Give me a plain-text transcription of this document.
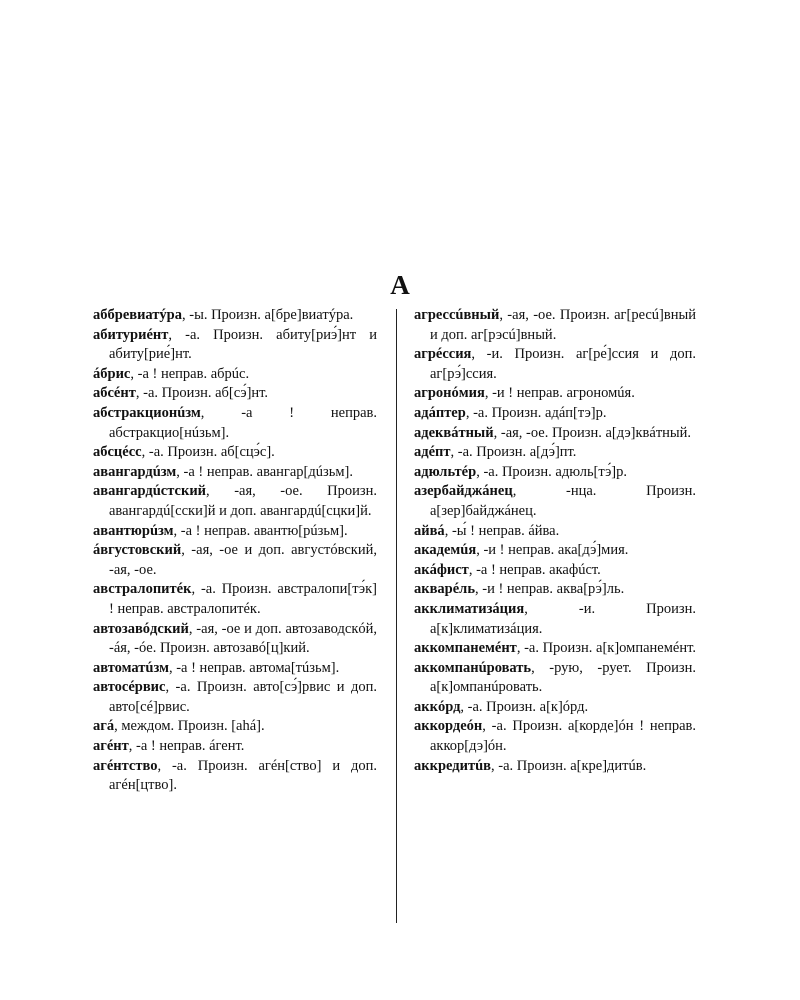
А
аббревиатýра, -ы. Произн. а[бре]виатýра.
абитуриéнт, -а. Произн. абиту[риэ́]нт и абиту[рие́]нт.
áбрис, -а ! неправ. абрúс.
абсéнт, -а. Произн. аб[сэ́]нт.
абстракционúзм, -а ! неправ. абстракцио[нúзьм].
абсцéсс, -а. Произн. аб[сцэ́с].
авангардúзм, -а ! неправ. авангар[дúзьм].
авангардúстский, -ая, -ое. Произн. авангардú[сски]й и доп. авангардú[сцки]й.
авантюрúзм, -а ! неправ. авантю[рúзьм].
áвгустовский, -ая, -ое и доп. августóвский, -ая, -ое.
австралопитéк, -а. Произн. австралопи[тэ́к] ! неправ. австралопитéк.
автозавóдский, -ая, -ое и доп. автозаводскóй, -áя, -óе. Произн. автозавó[ц]кий.
автоматúзм, -а ! неправ. автома[тúзьм].
автосéрвис, -а. Произн. авто[сэ́]рвис и доп. авто[сé]рвис.
агá, междом. Произн. [ahá].
агéнт, -а ! неправ. áгент.
агéнтство, -а. Произн. агéн[ство] и доп. агéн[цтво].
агрессúвный, -ая, -ое. Произн. аг[ресú]вный и доп. аг[рэсú]вный.
агрéссия, -и. Произн. аг[ре́]ссия и доп. аг[рэ́]ссия.
агронóмия, -и ! неправ. агрономúя.
адáптер, -а. Произн. адáп[тэ]р.
адеквáтный, -ая, -ое. Произн. а[дэ]квáтный.
адéпт, -а. Произн. а[дэ́]пт.
адюльтéр, -а. Произн. адюль[тэ́]р.
азербайджáнец, -нца. Произн. а[зер]байджáнец.
айвá, -ы́ ! неправ. áйва.
академúя, -и ! неправ. ака[дэ́]мия.
акáфист, -а ! неправ. акафúст.
акварéль, -и ! неправ. аква[рэ́]ль.
акклиматизáция, -и. Произн. а[к]климатизáция.
аккомпанемéнт, -а. Произн. а[к]омпанемéнт.
аккомпанúровать, -рую, -рует. Произн. а[к]омпанúровать.
аккóрд, -а. Произн. а[к]óрд.
аккордеóн, -а. Произн. а[корде]óн ! неправ. аккор[дэ]óн.
аккредитúв, -а. Произн. а[кре]дитúв.
